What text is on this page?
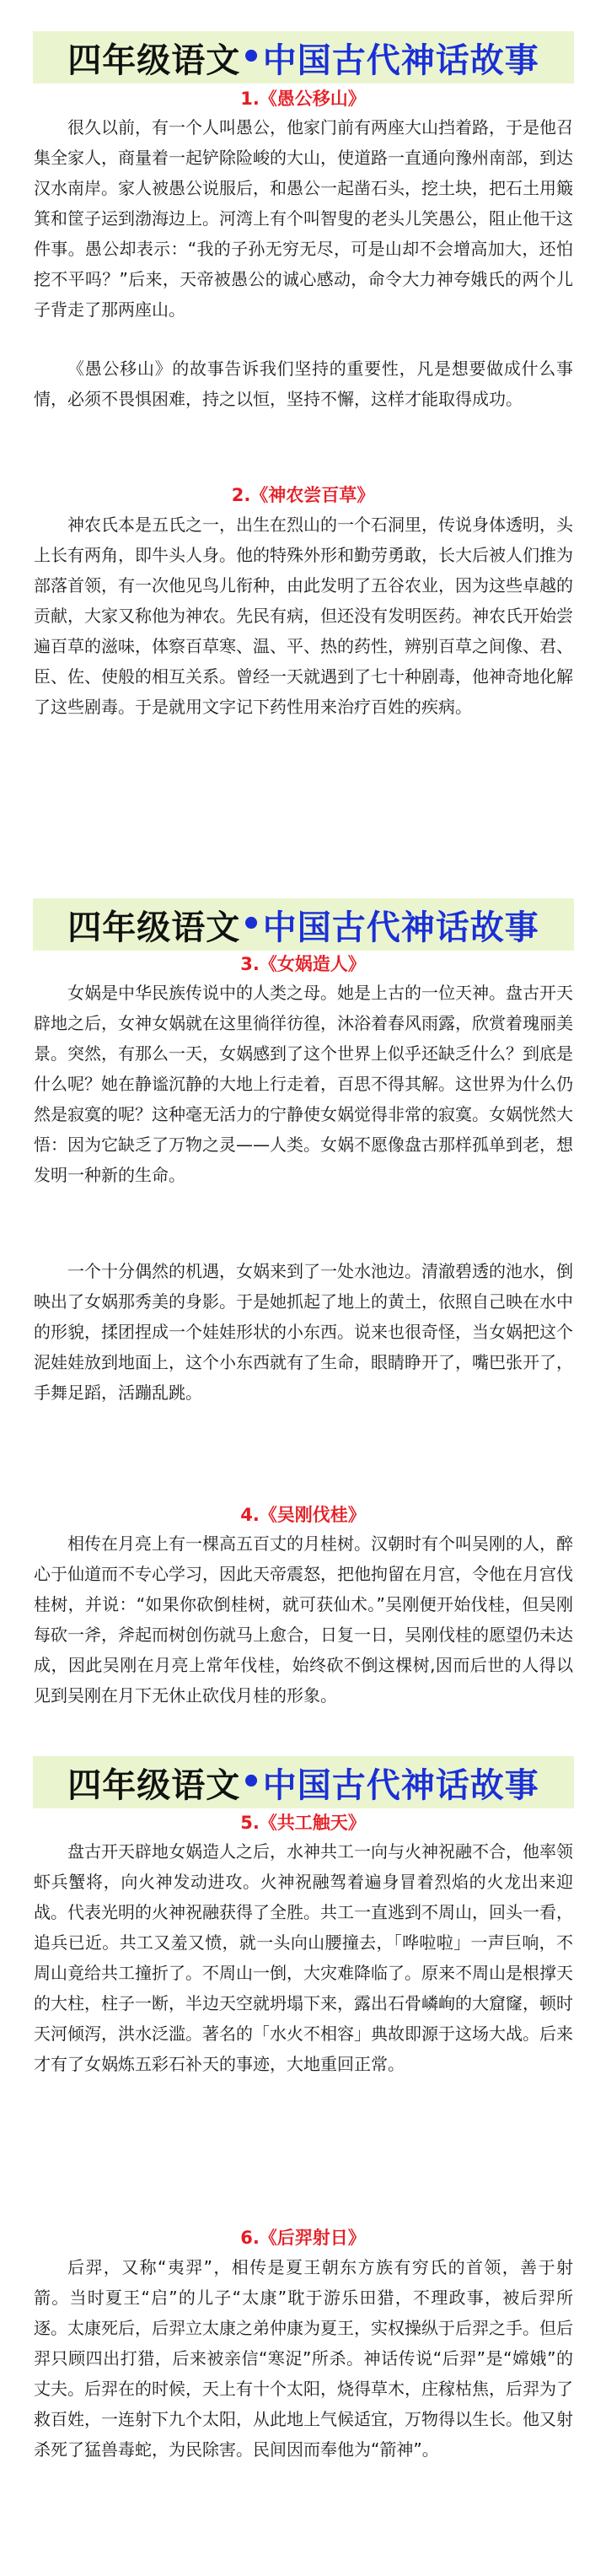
四年级语文 • 中国古代神话故事
1.《愚公移山》

很久以前，有一个人叫愚公，他家门前有两座大山挡着路，于是他召集全家人，商量着一起铲除险峻的大山，使道路一直通向豫州南部，到达汉水南岸。家人被愚公说服后，和愚公一起凿石头，挖土块，把石土用簸箕和筐子运到渤海边上。河湾上有个叫智叟的老头儿笑愚公，阻止他干这件事。愚公却表示：“我的子孙无穷无尽，可是山却不会增高加大，还怕挖不平吗？”后来，天帝被愚公的诚心感动，命令大力神夸娥氏的两个儿子背走了那两座山。

《愚公移山》的故事告诉我们坚持的重要性，凡是想要做成什么事情，必须不畏惧困难，持之以恒，坚持不懈，这样才能取得成功。

2.《神农尝百草》

神农氏本是五氏之一，出生在烈山的一个石洞里，传说身体透明，头上长有两角，即牛头人身。他的特殊外形和勤劳勇敢，长大后被人们推为部落首领，有一次他见鸟儿衔种，由此发明了五谷农业，因为这些卓越的贡献，大家又称他为神农。先民有病，但还没有发明医药。神农氏开始尝遍百草的滋味，体察百草寒、温、平、热的药性，辨别百草之间像、君、臣、佐、使般的相互关系。曾经一天就遇到了七十种剧毒，他神奇地化解了这些剧毒。于是就用文字记下药性用来治疗百姓的疾病。

四年级语文 • 中国古代神话故事
3.《女娲造人》

女娲是中华民族传说中的人类之母。她是上古的一位天神。盘古开天辟地之后，女神女娲就在这里徜徉彷徨，沐浴着春风雨露，欣赏着瑰丽美景。突然，有那么一天，女娲感到了这个世界上似乎还缺乏什么？到底是什么呢？她在静谧沉静的大地上行走着，百思不得其解。这世界为什么仍然是寂寞的呢？这种毫无活力的宁静使女娲觉得非常的寂寞。女娲恍然大悟：因为它缺乏了万物之灵——人类。女娲不愿像盘古那样孤单到老，想发明一种新的生命。

一个十分偶然的机遇，女娲来到了一处水池边。清澈碧透的池水，倒映出了女娲那秀美的身影。于是她抓起了地上的黄土，依照自己映在水中的形貌，揉团捏成一个娃娃形状的小东西。说来也很奇怪，当女娲把这个泥娃娃放到地面上，这个小东西就有了生命，眼睛睁开了，嘴巴张开了，手舞足蹈，活蹦乱跳。

4.《吴刚伐桂》

相传在月亮上有一棵高五百丈的月桂树。汉朝时有个叫吴刚的人，醉心于仙道而不专心学习，因此天帝震怒，把他拘留在月宫，令他在月宫伐桂树，并说：“如果你砍倒桂树，就可获仙术。”吴刚便开始伐桂，但吴刚每砍一斧，斧起而树创伤就马上愈合，日复一日，吴刚伐桂的愿望仍未达成，因此吴刚在月亮上常年伐桂，始终砍不倒这棵树,因而后世的人得以见到吴刚在月下无休止砍伐月桂的形象。

四年级语文 • 中国古代神话故事
5.《共工触天》

盘古开天辟地女娲造人之后，水神共工一向与火神祝融不合，他率领虾兵蟹将，向火神发动进攻。火神祝融驾着遍身冒着烈焰的火龙出来迎战。代表光明的火神祝融获得了全胜。共工一直逃到不周山，回头一看，追兵已近。共工又羞又愤，就一头向山腰撞去，「哗啦啦」一声巨响，不周山竟给共工撞折了。不周山一倒，大灾难降临了。原来不周山是根撑天的大柱，柱子一断，半边天空就坍塌下来，露出石骨嶙峋的大窟窿，顿时天河倾泻，洪水泛滥。著名的「水火不相容」典故即源于这场大战。后来才有了女娲炼五彩石补天的事迹，大地重回正常。

6.《后羿射日》

后羿，又称“夷羿”，相传是夏王朝东方族有穷氏的首领，善于射箭。当时夏王“启”的儿子“太康”耽于游乐田猎，不理政事，被后羿所逐。太康死后，后羿立太康之弟仲康为夏王，实权操纵于后羿之手。但后羿只顾四出打猎，后来被亲信“寒浞”所杀。神话传说“后羿”是“嫦娥”的丈夫。后羿在的时候，天上有十个太阳，烧得草木，庄稼枯焦，后羿为了救百姓，一连射下九个太阳，从此地上气候适宜，万物得以生长。他又射杀死了猛兽毒蛇，为民除害。民间因而奉他为“箭神”。
